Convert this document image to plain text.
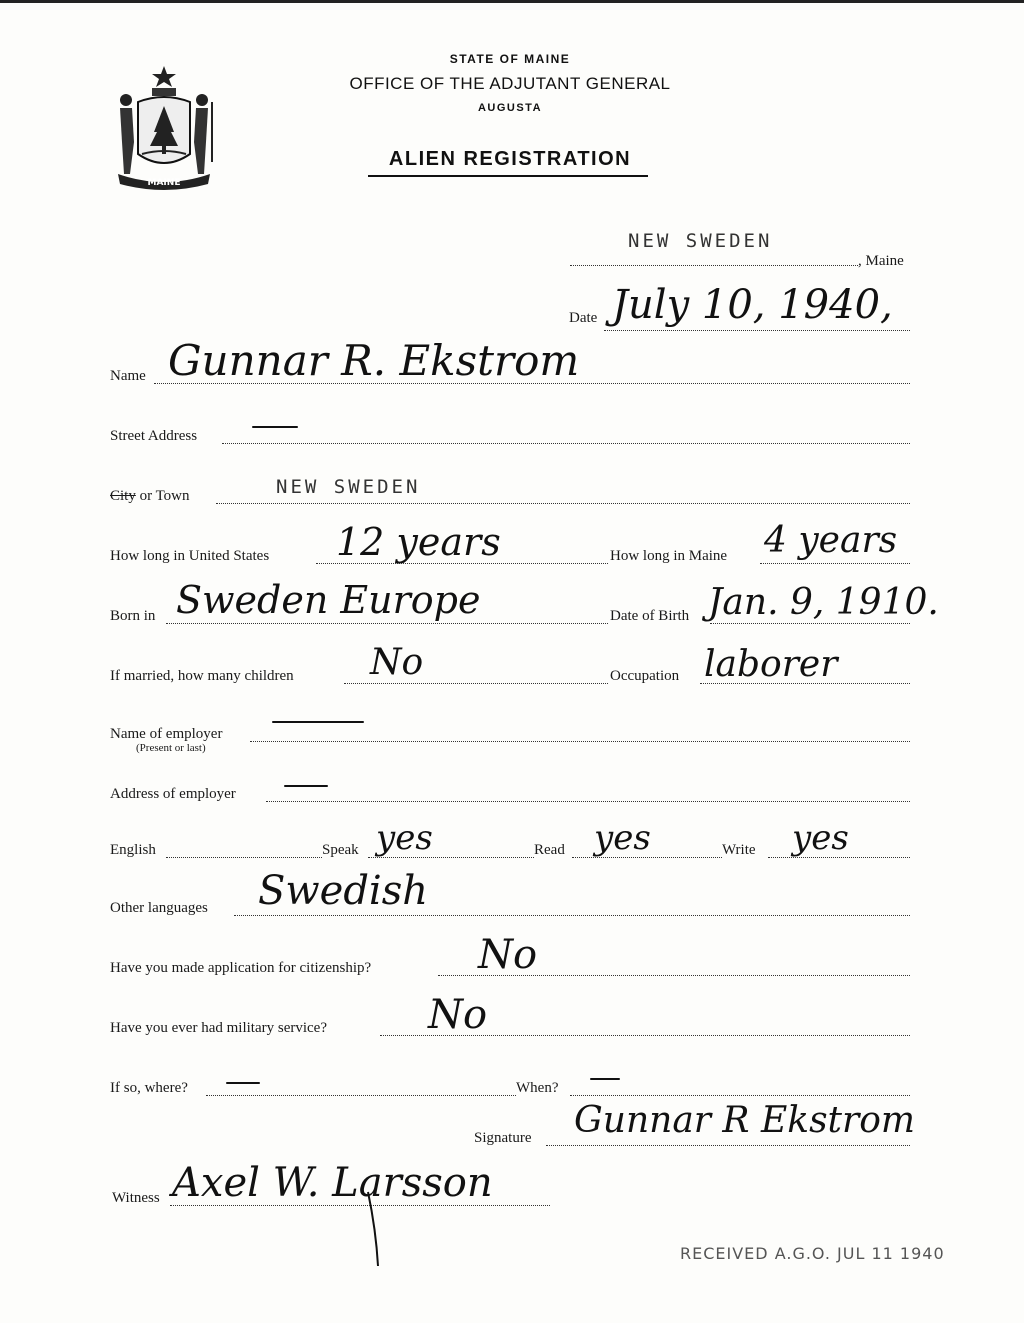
MAINE
STATE OF MAINE
OFFICE OF THE ADJUTANT GENERAL
AUGUSTA
ALIEN REGISTRATION
NEW SWEDEN
, Maine
Date July 10, 1940,
Name Gunnar R. Ekstrom
Street Address
City or Town	NEW SWEDEN
How long in United States 12 years	How long in Maine 4 years
Born in Sweden Europe	Date of Birth Jan. 9, 1910.
If married, how many children No	Occupation laborer
Name of employer
(Present or last)
Address of employer
English	Speak yes	Read yes	Write yes
Other languages Swedish
Have you made application for citizenship?	No
Have you ever had military service?	No
If so, where?	When?
Signature Gunnar R Ekstrom
Witness Axel W. Larsson
RECEIVED A.G.O. JUL 11 1940
